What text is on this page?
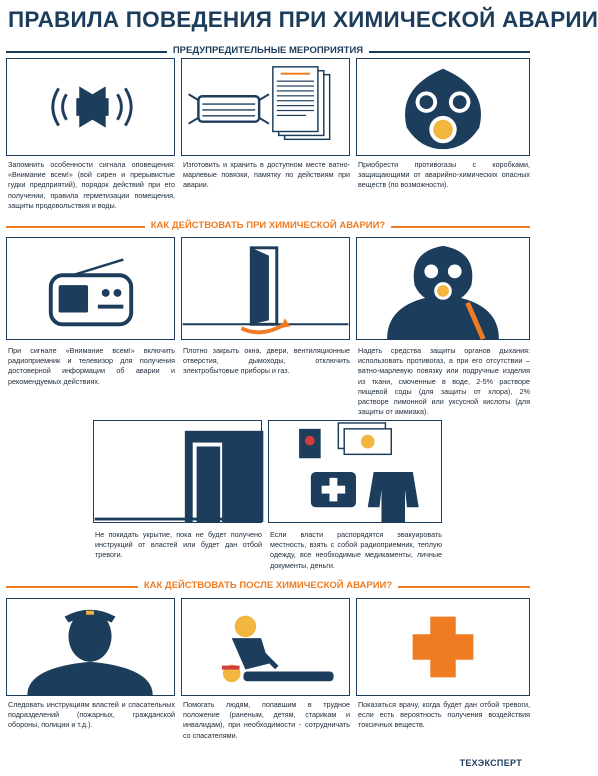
ПРАВИЛА ПОВЕДЕНИЯ ПРИ ХИМИЧЕСКОЙ АВАРИИ
ПРЕДУПРЕДИТЕЛЬНЫЕ МЕРОПРИЯТИЯ
Запомнить особенности сигнала оповещения: «Внимание всем!» (вой сирен и прерывистые гудки предприятий), порядок действий при его получении, правила герметизации помещения, защиты продовольствия и воды.
Изготовить и хранить в доступном месте ватно-марлевые повязки, памятку по действиям при аварии.
Приобрести противогазы с коробками, защищающими от аварийно-химических опасных веществ (по возможности).
КАК ДЕЙСТВОВАТЬ ПРИ ХИМИЧЕСКОЙ АВАРИИ?
При сигнале «Внимание всем!» включить радиоприемник и телевизор для получения достоверной информации об аварии и рекомендуемых действиях.
Плотно закрыть окна, двери, вентиляционные отверстия, дымоходы, отключить электробытовые приборы и газ.
Надеть средства защиты органов дыхания: использовать противогаз, а при его отсутствии – ватно-марлевую повязку или подручные изделия из ткани, смоченные в воде, 2-5% растворе пищевой соды (для защиты от хлора), 2% растворе лимонной или уксусной кислоты (для защиты от аммиака).
Не покидать укрытие, пока не будет получено инструкций от властей или будет дан отбой тревоги.
Если власти распорядятся эвакуировать местность, взять с собой радиоприемник, теплую одежду, все необходимые медикаменты, личные документы, деньги.
КАК ДЕЙСТВОВАТЬ ПОСЛЕ ХИМИЧЕСКОЙ АВАРИИ?
Следовать инструкциям властей и спасательных подразделений (пожарных, гражданской обороны, полиции и т.д.).
Помогать людям, попавшим в трудное положение (раненым, детям, старикам и инвалидам), при необходимости - сотрудничать со спасателями.
Показаться врачу, когда будет дан отбой тревоги, если есть вероятность получения воздействия токсичных веществ.
ТЕХЭКСПЕРТ
